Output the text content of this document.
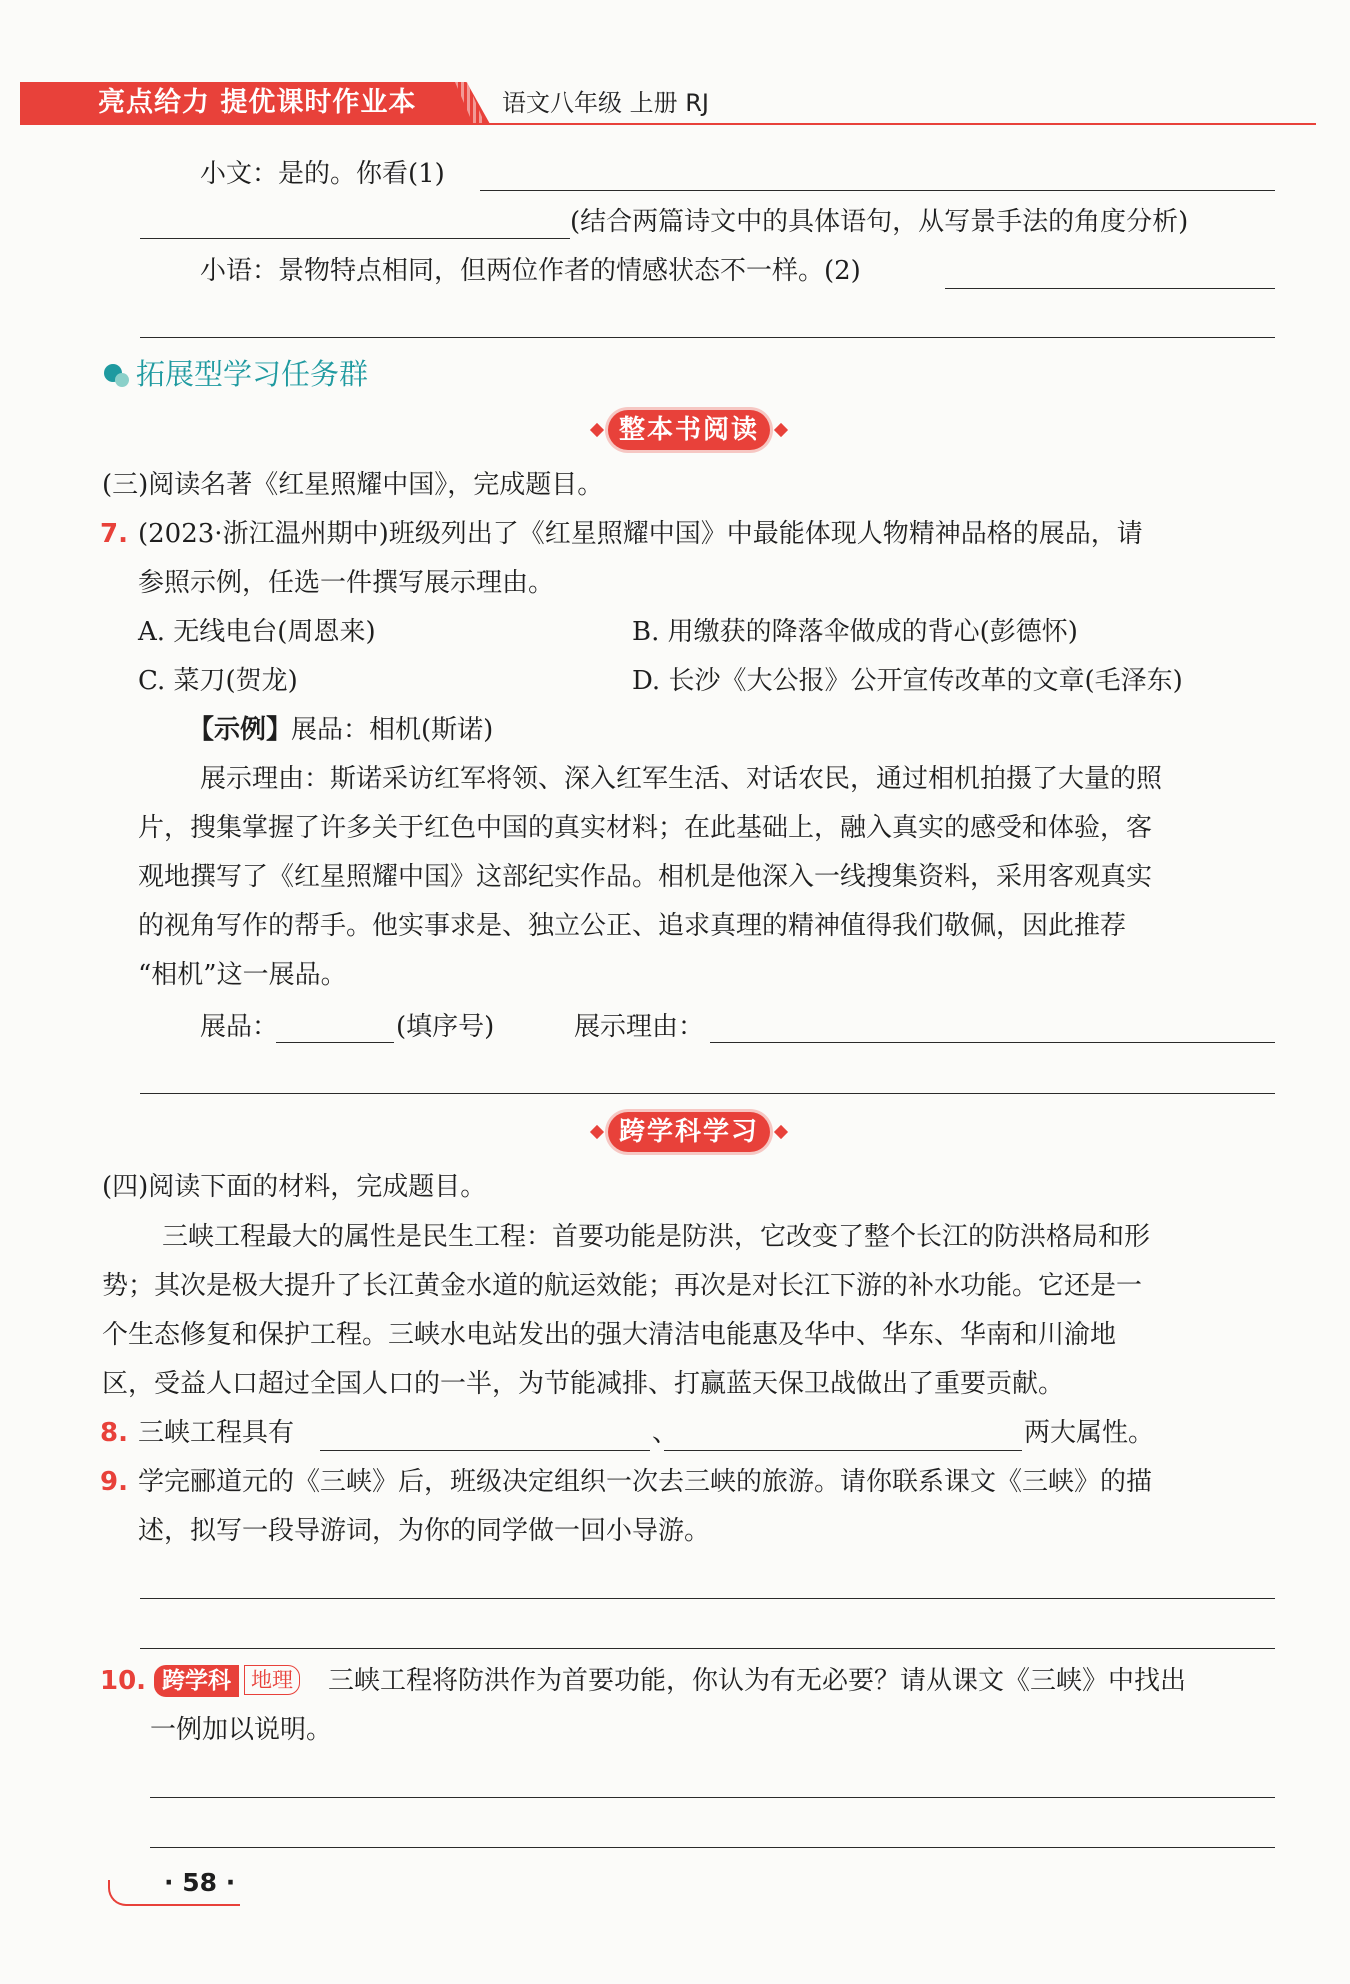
亮点给力 提优课时作业本	语文八年级 上册 RJ
小文：是的。你看(1)
(结合两篇诗文中的具体语句，从写景手法的角度分析)
小语：景物特点相同，但两位作者的情感状态不一样。(2)
拓展型学习任务群
整本书阅读
(三)阅读名著《红星照耀中国》，完成题目。
7. (2023·浙江温州期中)班级列出了《红星照耀中国》中最能体现人物精神品格的展品，请
参照示例，任选一件撰写展示理由。
A. 无线电台(周恩来)	B. 用缴获的降落伞做成的背心(彭德怀)
C. 菜刀(贺龙)	D. 长沙《大公报》公开宣传改革的文章(毛泽东)
【示例】
展品：相机(斯诺)
展示理由：斯诺采访红军将领、深入红军生活、对话农民，通过相机拍摄了大量的照
片，搜集掌握了许多关于红色中国的真实材料；在此基础上，融入真实的感受和体验，客
观地撰写了《红星照耀中国》这部纪实作品。相机是他深入一线搜集资料，采用客观真实
的视角写作的帮手。他实事求是、独立公正、追求真理的精神值得我们敬佩，因此推荐
“相机”这一展品。
展品：	(填序号)	展示理由：
跨学科学习
(四)阅读下面的材料，完成题目。
三峡工程最大的属性是民生工程：首要功能是防洪，它改变了整个长江的防洪格局和形
势；其次是极大提升了长江黄金水道的航运效能；再次是对长江下游的补水功能。它还是一
个生态修复和保护工程。三峡水电站发出的强大清洁电能惠及华中、华东、华南和川渝地
区，受益人口超过全国人口的一半，为节能减排、打赢蓝天保卫战做出了重要贡献。
8. 三峡工程具有	、	两大属性。
9. 学完郦道元的《三峡》后，班级决定组织一次去三峡的旅游。请你联系课文《三峡》的描
述，拟写一段导游词，为你的同学做一回小导游。
10. 跨学科 地理 三峡工程将防洪作为首要功能，你认为有无必要？请从课文《三峡》中找出
一例加以说明。
· 58 ·
